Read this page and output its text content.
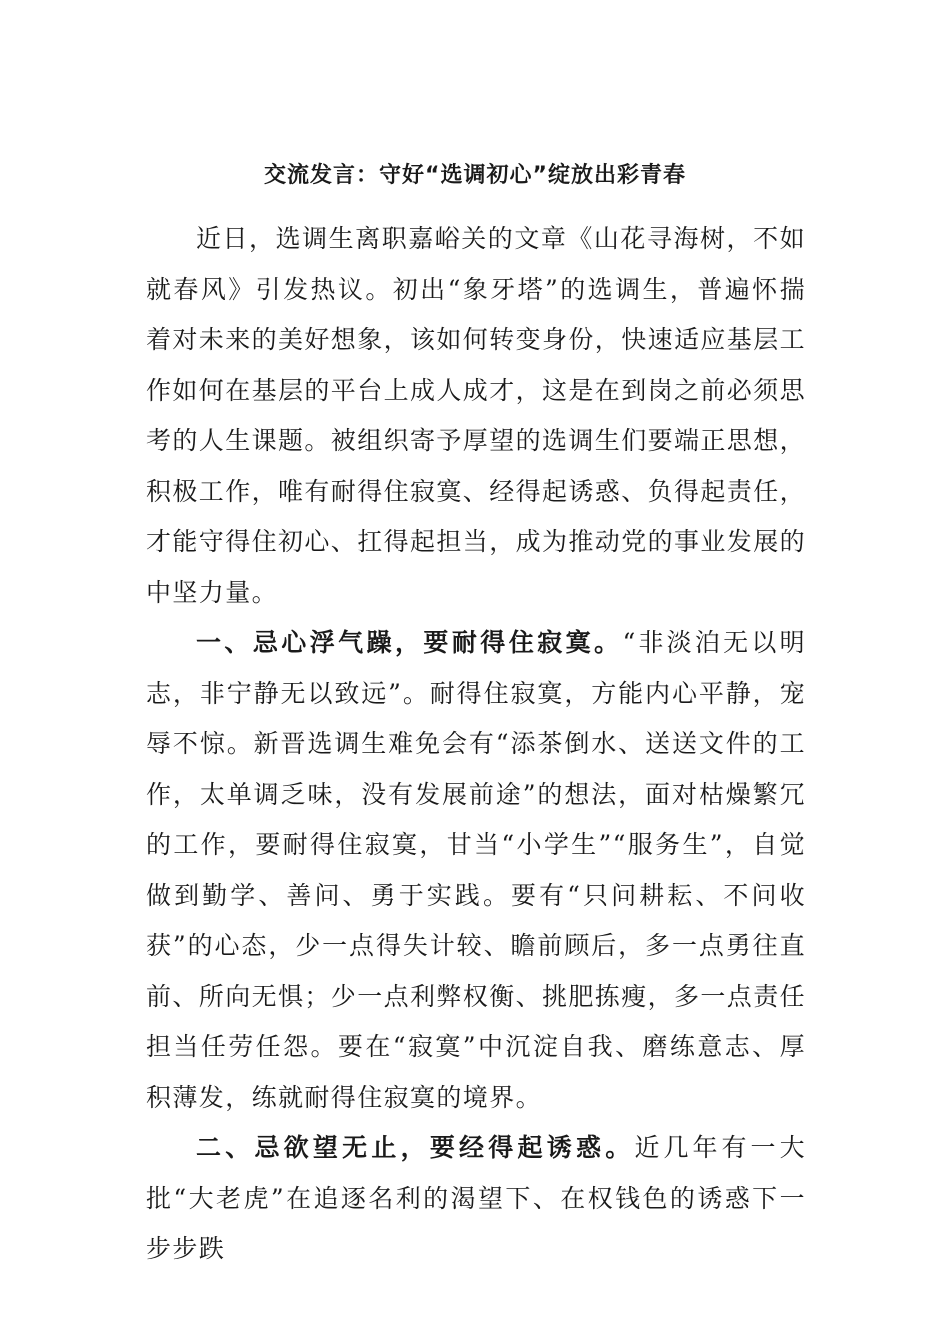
交流发言：守好“选调初心”绽放出彩青春

近日，选调生离职嘉峪关的文章《山花寻海树，不如就春风》引发热议。初出“象牙塔”的选调生，普遍怀揣着对未来的美好想象，该如何转变身份，快速适应基层工作如何在基层的平台上成人成才，这是在到岗之前必须思考的人生课题。被组织寄予厚望的选调生们要端正思想，积极工作，唯有耐得住寂寞、经得起诱惑、负得起责任，才能守得住初心、扛得起担当，成为推动党的事业发展的中坚力量。

一、忌心浮气躁，要耐得住寂寞。“非淡泊无以明志，非宁静无以致远”。耐得住寂寞，方能内心平静，宠辱不惊。新晋选调生难免会有“添茶倒水、送送文件的工作，太单调乏味，没有发展前途”的想法，面对枯燥繁冗的工作，要耐得住寂寞，甘当“小学生”“服务生”，自觉做到勤学、善问、勇于实践。要有“只问耕耘、不问收获”的心态，少一点得失计较、瞻前顾后，多一点勇往直前、所向无惧；少一点利弊权衡、挑肥拣瘦，多一点责任担当任劳任怨。要在“寂寞”中沉淀自我、磨练意志、厚积薄发，练就耐得住寂寞的境界。

二、忌欲望无止，要经得起诱惑。近几年有一大批“大老虎”在追逐名利的渴望下、在权钱色的诱惑下一步步跌
